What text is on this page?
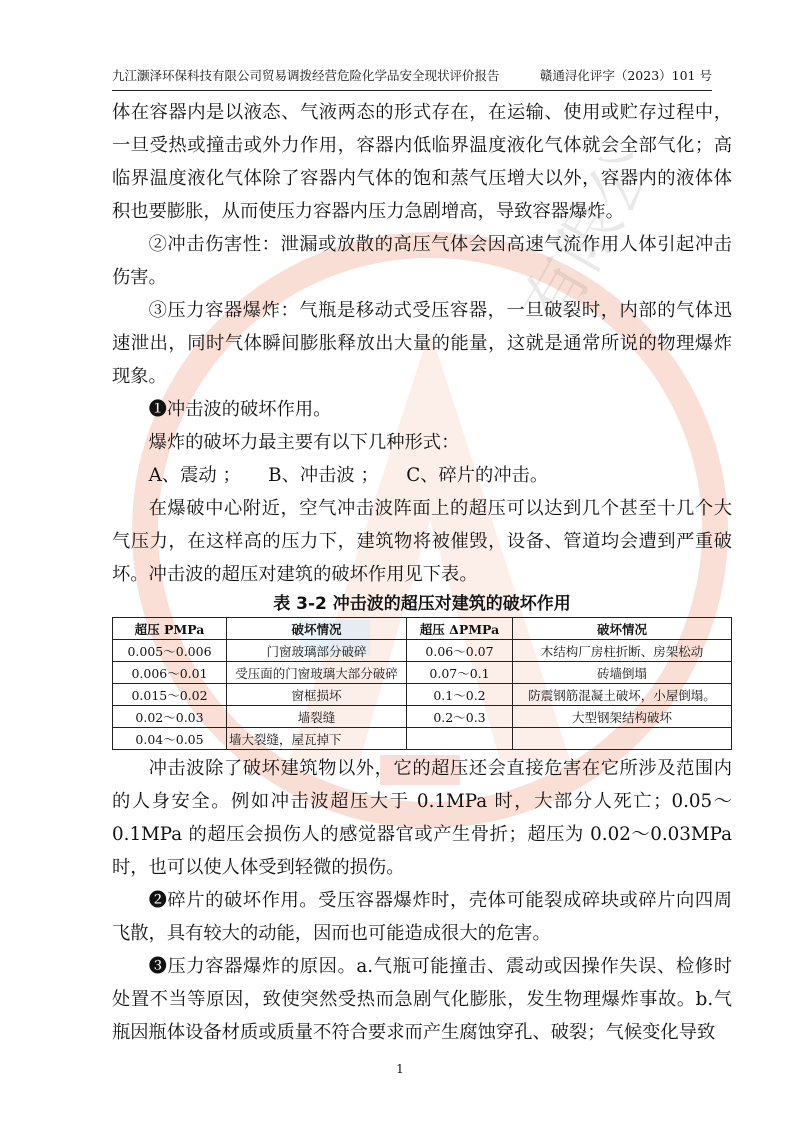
有限公
九江灏泽环保科技有限公司贸易调拨经营危险化学品安全现状评价报告	赣通浔化评字（2023）101 号

体在容器内是以液态、气液两态的形式存在，在运输、使用或贮存过程中，一旦受热或撞击或外力作用，容器内低临界温度液化气体就会全部气化；高临界温度液化气体除了容器内气体的饱和蒸气压增大以外，容器内的液体体积也要膨胀，从而使压力容器内压力急剧增高，导致容器爆炸。

②冲击伤害性：泄漏或放散的高压气体会因高速气流作用人体引起冲击伤害。

③压力容器爆炸：气瓶是移动式受压容器，一旦破裂时，内部的气体迅速泄出，同时气体瞬间膨胀释放出大量的能量，这就是通常所说的物理爆炸现象。

❶冲击波的破坏作用。

爆炸的破坏力最主要有以下几种形式：

A、震动 ；　　B、冲击波 ；　　C、碎片的冲击。

在爆破中心附近，空气冲击波阵面上的超压可以达到几个甚至十几个大气压力，在这样高的压力下，建筑物将被催毁，设备、管道均会遭到严重破坏。冲击波的超压对建筑的破坏作用见下表。

表 3-2 冲击波的超压对建筑的破坏作用
超压 PMPa	破坏情况	超压 ΔPMPa	破坏情况
0.005～0.006	门窗玻璃部分破碎	0.06～0.07	木结构厂房柱折断、房架松动
0.006～0.01	受压面的门窗玻璃大部分破碎	0.07～0.1	砖墙倒塌
0.015～0.02	窗框损坏	0.1～0.2	防震钢筋混凝土破坏，小屋倒塌。
0.02～0.03	墙裂缝	0.2～0.3	大型钢架结构破坏
0.04～0.05	墙大裂缝，屋瓦掉下		

冲击波除了破坏建筑物以外，它的超压还会直接危害在它所涉及范围内的人身安全。例如冲击波超压大于 0.1MPa 时，大部分人死亡；0.05～0.1MPa 的超压会损伤人的感觉器官或产生骨折；超压为 0.02～0.03MPa 时，也可以使人体受到轻微的损伤。

❷碎片的破坏作用。受压容器爆炸时，壳体可能裂成碎块或碎片向四周飞散，具有较大的动能，因而也可能造成很大的危害。

❸压力容器爆炸的原因。a.气瓶可能撞击、震动或因操作失误、检修时处置不当等原因，致使突然受热而急剧气化膨胀，发生物理爆炸事故。b.气瓶因瓶体设备材质或质量不符合要求而产生腐蚀穿孔、破裂；气候变化导致

1
